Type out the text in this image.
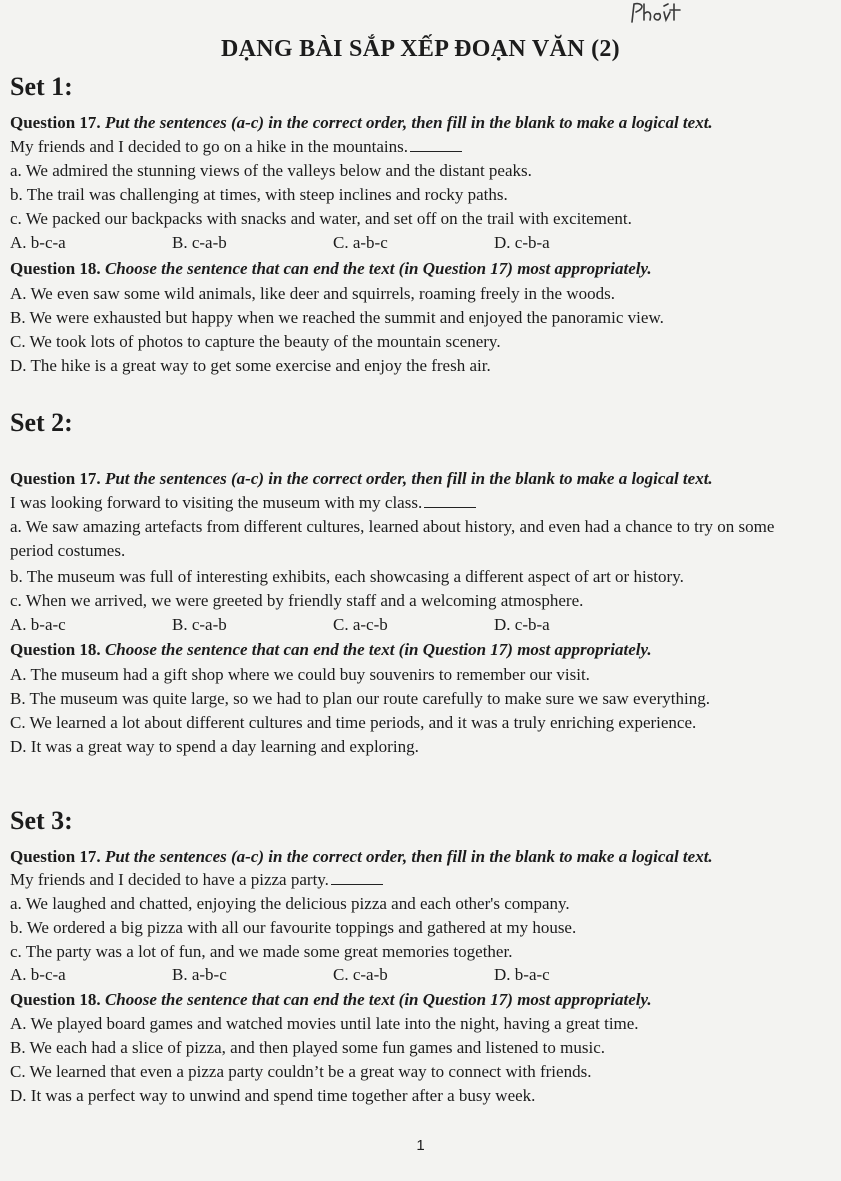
DẠNG BÀI SẮP XẾP ĐOẠN VĂN (2)
Set 1:
Question 17. Put the sentences (a-c) in the correct order, then fill in the blank to make a logical text.
My friends and I decided to go on a hike in the mountains.
a. We admired the stunning views of the valleys below and the distant peaks.
b. The trail was challenging at times, with steep inclines and rocky paths.
c. We packed our backpacks with snacks and water, and set off on the trail with excitement.
A. b-c-a	B. c-a-b	C. a-b-c	D. c-b-a
Question 18. Choose the sentence that can end the text (in Question 17) most appropriately.
A. We even saw some wild animals, like deer and squirrels, roaming freely in the woods.
B. We were exhausted but happy when we reached the summit and enjoyed the panoramic view.
C. We took lots of photos to capture the beauty of the mountain scenery.
D. The hike is a great way to get some exercise and enjoy the fresh air.
Set 2:
Question 17. Put the sentences (a-c) in the correct order, then fill in the blank to make a logical text.
I was looking forward to visiting the museum with my class.
a. We saw amazing artefacts from different cultures, learned about history, and even had a chance to try on some
period costumes.
b. The museum was full of interesting exhibits, each showcasing a different aspect of art or history.
c. When we arrived, we were greeted by friendly staff and a welcoming atmosphere.
A. b-a-c	B. c-a-b	C. a-c-b	D. c-b-a
Question 18. Choose the sentence that can end the text (in Question 17) most appropriately.
A. The museum had a gift shop where we could buy souvenirs to remember our visit.
B. The museum was quite large, so we had to plan our route carefully to make sure we saw everything.
C. We learned a lot about different cultures and time periods, and it was a truly enriching experience.
D. It was a great way to spend a day learning and exploring.
Set 3:
Question 17. Put the sentences (a-c) in the correct order, then fill in the blank to make a logical text.
My friends and I decided to have a pizza party.
a. We laughed and chatted, enjoying the delicious pizza and each other's company.
b. We ordered a big pizza with all our favourite toppings and gathered at my house.
c. The party was a lot of fun, and we made some great memories together.
A. b-c-a	B. a-b-c	C. c-a-b	D. b-a-c
Question 18. Choose the sentence that can end the text (in Question 17) most appropriately.
A. We played board games and watched movies until late into the night, having a great time.
B. We each had a slice of pizza, and then played some fun games and listened to music.
C. We learned that even a pizza party couldn’t be a great way to connect with friends.
D. It was a perfect way to unwind and spend time together after a busy week.
1
